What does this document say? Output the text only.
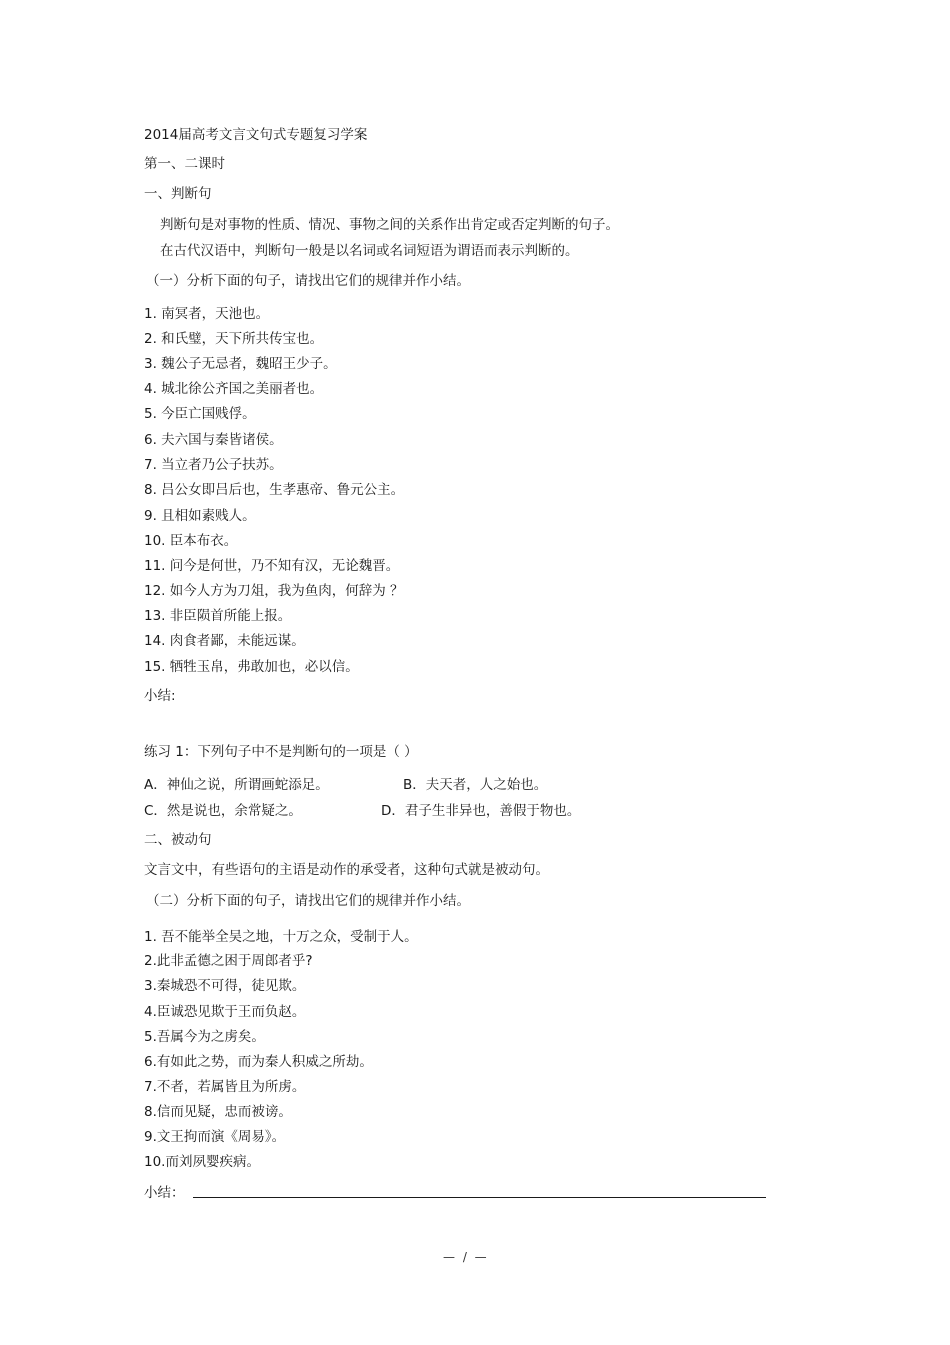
2014届高考文言文句式专题复习学案
第一、二课时
一、判断句
判断句是对事物的性质、情况、事物之间的关系作出肯定或否定判断的句子。
在古代汉语中，判断句一般是以名词或名词短语为谓语而表示判断的。
（一）分析下面的句子，请找出它们的规律并作小结。
1. 南冥者，天池也。
2. 和氏璧，天下所共传宝也。
3. 魏公子无忌者，魏昭王少子。
4. 城北徐公齐国之美丽者也。
5. 今臣亡国贱俘。
6. 夫六国与秦皆诸侯。
7. 当立者乃公子扶苏。
8. 吕公女即吕后也，生孝惠帝、鲁元公主。
9. 且相如素贱人。
10. 臣本布衣。
11. 问今是何世，乃不知有汉，无论魏晋。
12. 如今人方为刀俎，我为鱼肉，何辞为 ？
13. 非臣陨首所能上报。
14. 肉食者鄙，未能远谋。
15. 牺牲玉帛，弗敢加也，必以信。
小结:
练习 1：下列句子中不是判断句的一项是（ ）
A．神仙之说，所谓画蛇添足。	B．夫天者，人之始也。
C．然是说也，余常疑之。	D．君子生非异也，善假于物也。
二、被动句
文言文中，有些语句的主语是动作的承受者，这种句式就是被动句。
（二）分析下面的句子，请找出它们的规律并作小结。
1. 吾不能举全吴之地，十万之众，受制于人。
2.此非孟德之困于周郎者乎?
3.秦城恐不可得，徒见欺。
4.臣诚恐见欺于王而负赵。
5.吾属今为之虏矣。
6.有如此之势，而为秦人积威之所劫。
7.不者，若属皆且为所虏。
8.信而见疑，忠而被谤。
9.文王拘而演《周易》。
10.而刘夙婴疾病。
小结：
— / —
